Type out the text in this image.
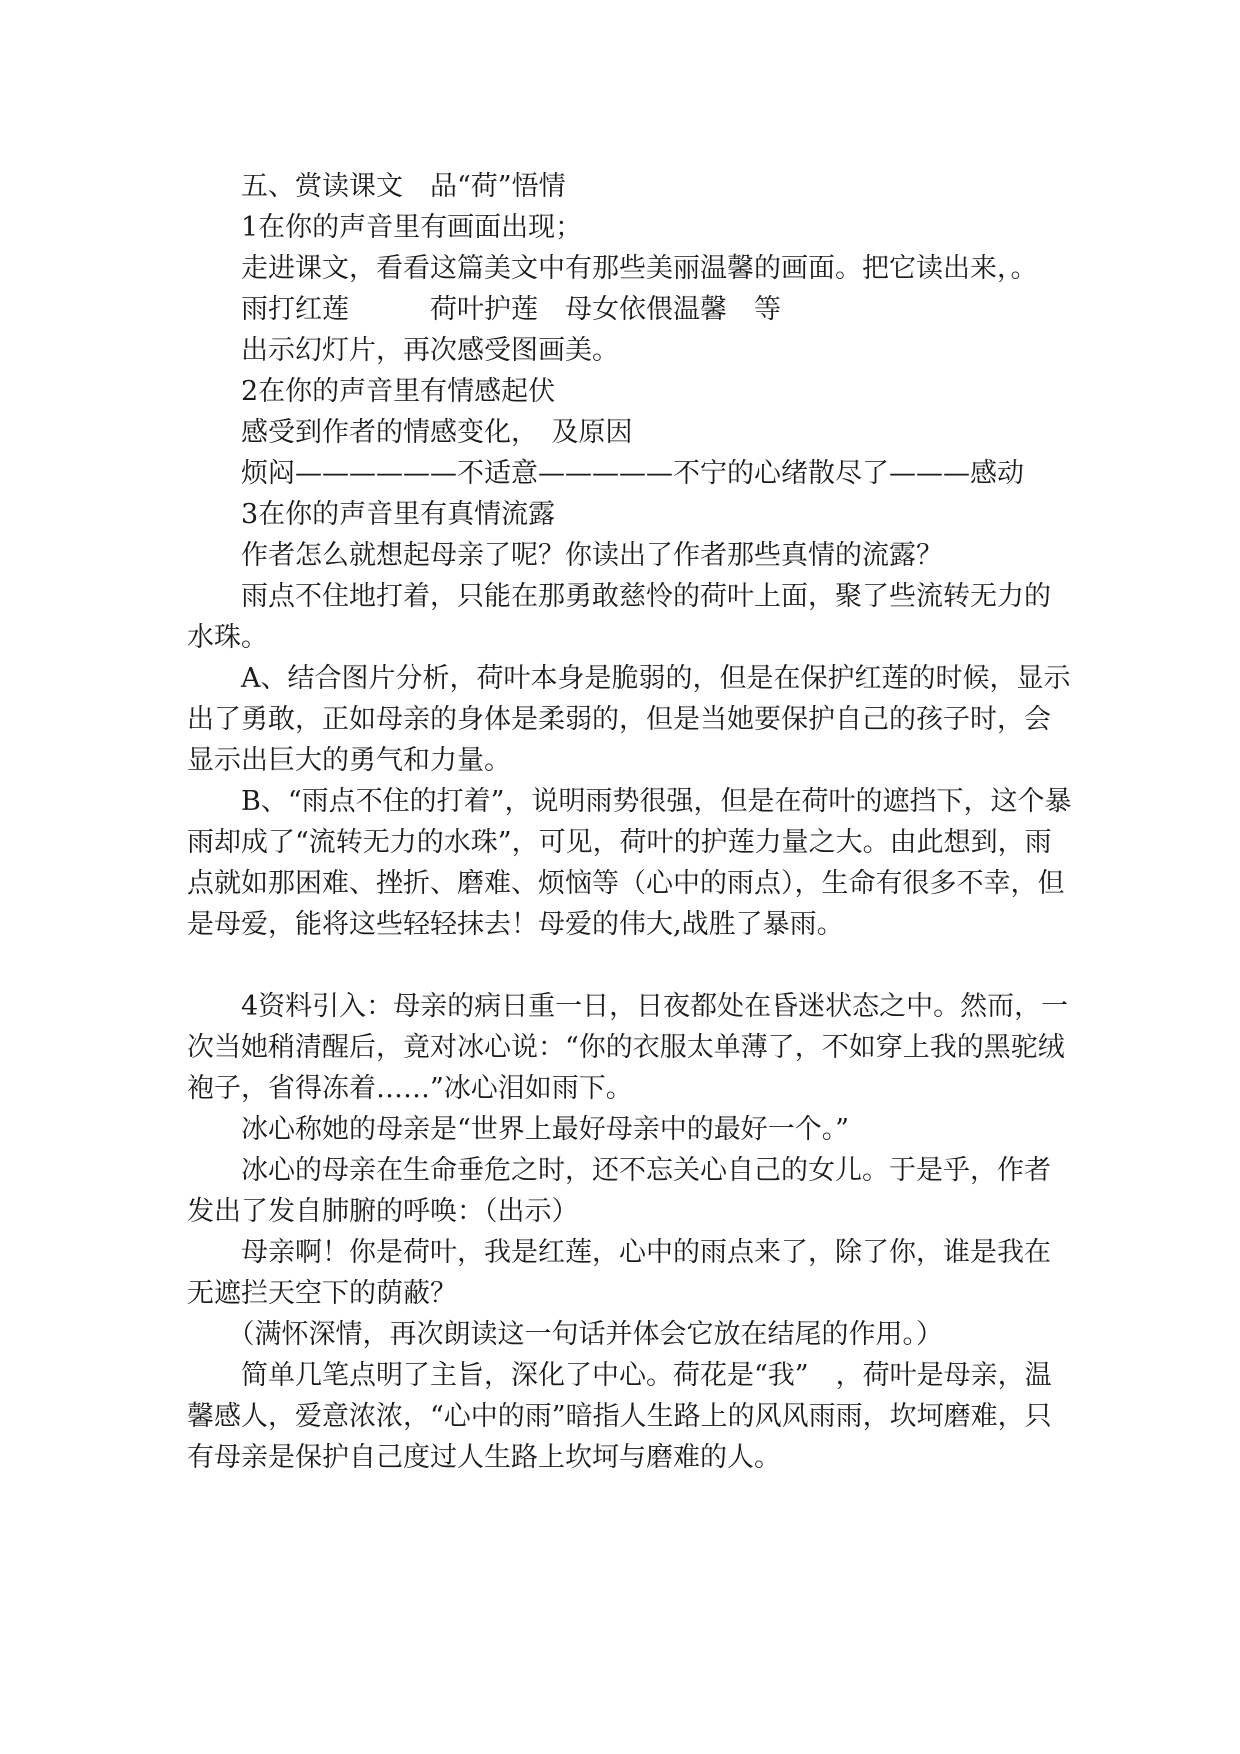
五、赏读课文　品“荷”悟情

1在你的声音里有画面出现；

走进课文，看看这篇美文中有那些美丽温馨的画面。把它读出来，。

雨打红莲　　　荷叶护莲　母女依偎温馨　等

出示幻灯片，再次感受图画美。

2在你的声音里有情感起伏

感受到作者的情感变化，　及原因

烦闷——————不适意—————不宁的心绪散尽了———感动

3在你的声音里有真情流露

作者怎么就想起母亲了呢？你读出了作者那些真情的流露？

雨点不住地打着，只能在那勇敢慈怜的荷叶上面，聚了些流转无力的水珠。

A、结合图片分析，荷叶本身是脆弱的，但是在保护红莲的时候，显示出了勇敢，正如母亲的身体是柔弱的，但是当她要保护自己的孩子时，会显示出巨大的勇气和力量。

B、“雨点不住的打着”，说明雨势很强，但是在荷叶的遮挡下，这个暴雨却成了“流转无力的水珠”，可见，荷叶的护莲力量之大。由此想到，雨点就如那困难、挫折、磨难、烦恼等（心中的雨点），生命有很多不幸，但是母爱，能将这些轻轻抹去！母爱的伟大,战胜了暴雨。

4资料引入：母亲的病日重一日，日夜都处在昏迷状态之中。然而，一次当她稍清醒后，竟对冰心说：“你的衣服太单薄了，不如穿上我的黑驼绒袍子，省得冻着……”冰心泪如雨下。

冰心称她的母亲是“世界上最好母亲中的最好一个。”

冰心的母亲在生命垂危之时，还不忘关心自己的女儿。于是乎，作者发出了发自肺腑的呼唤：（出示）

母亲啊！你是荷叶，我是红莲，心中的雨点来了，除了你，谁是我在无遮拦天空下的荫蔽？

（满怀深情，再次朗读这一句话并体会它放在结尾的作用。）

简单几笔点明了主旨，深化了中心。荷花是“我”　，荷叶是母亲，温馨感人，爱意浓浓，“心中的雨”暗指人生路上的风风雨雨，坎坷磨难，只有母亲是保护自己度过人生路上坎坷与磨难的人。
